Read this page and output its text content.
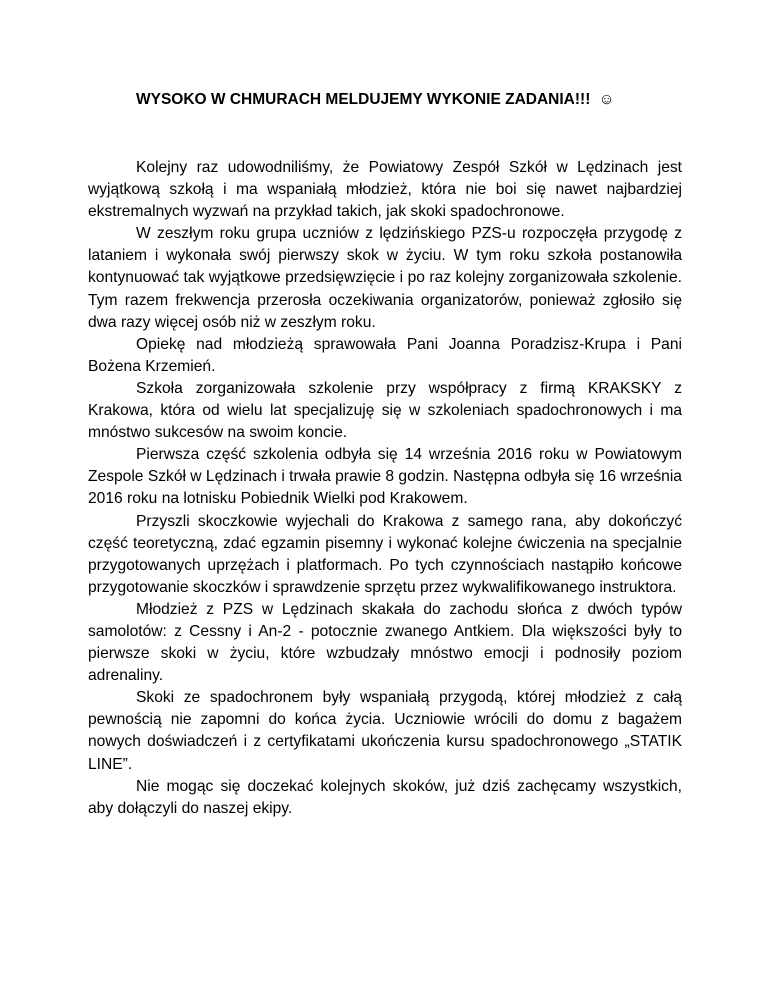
WYSOKO W CHMURACH MELDUJEMY WYKONIE ZADANIA!!! ☺

Kolejny raz udowodniliśmy, że Powiatowy Zespół Szkół w Lędzinach jest wyjątkową szkołą i ma wspaniałą młodzież, która nie boi się nawet najbardziej ekstremalnych wyzwań na przykład takich, jak skoki spadochronowe.

W zeszłym roku grupa uczniów z lędzińskiego PZS-u rozpoczęła przygodę z lataniem i wykonała swój pierwszy skok w życiu. W tym roku szkoła postanowiła kontynuować tak wyjątkowe przedsięwzięcie i po raz kolejny zorganizowała szkolenie. Tym razem frekwencja przerosła oczekiwania organizatorów, ponieważ zgłosiło się dwa razy więcej osób niż w zeszłym roku.

Opiekę nad młodzieżą sprawowała Pani Joanna Poradzisz-Krupa i Pani Bożena Krzemień.

Szkoła zorganizowała szkolenie przy współpracy z firmą KRAKSKY z Krakowa, która od wielu lat specjalizuję się w szkoleniach spadochronowych i ma mnóstwo sukcesów na swoim koncie.

Pierwsza część szkolenia odbyła się 14 września 2016 roku w Powiatowym Zespole Szkół w Lędzinach i trwała prawie 8 godzin. Następna odbyła się 16 września 2016 roku na lotnisku Pobiednik Wielki pod Krakowem.

Przyszli skoczkowie wyjechali do Krakowa z samego rana, aby dokończyć część teoretyczną, zdać egzamin pisemny i wykonać kolejne ćwiczenia na specjalnie przygotowanych uprzężach i platformach. Po tych czynnościach nastąpiło końcowe przygotowanie skoczków i sprawdzenie sprzętu przez wykwalifikowanego instruktora.

Młodzież z PZS w Lędzinach skakała do zachodu słońca z dwóch typów samolotów: z Cessny i An-2 - potocznie zwanego Antkiem. Dla większości były to pierwsze skoki w życiu, które wzbudzały mnóstwo emocji i podnosiły poziom adrenaliny.

Skoki ze spadochronem były wspaniałą przygodą, której młodzież z całą pewnością nie zapomni do końca życia. Uczniowie wrócili do domu z bagażem nowych doświadczeń i z certyfikatami ukończenia kursu spadochronowego „STATIK LINE”.

Nie mogąc się doczekać kolejnych skoków, już dziś zachęcamy wszystkich, aby dołączyli do naszej ekipy.
